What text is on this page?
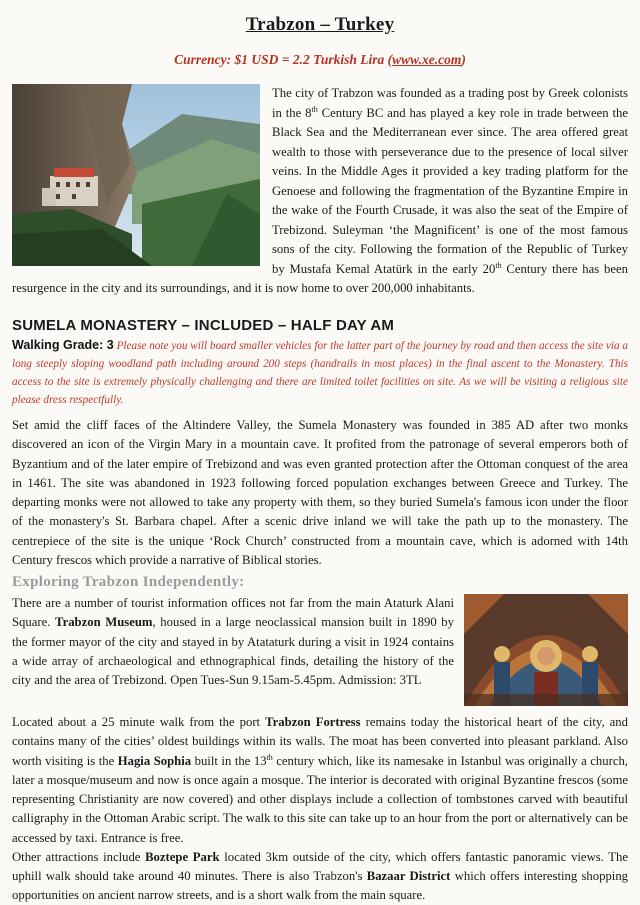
Trabzon – Turkey
Currency: $1 USD = 2.2 Turkish Lira (www.xe.com)
The city of Trabzon was founded as a trading post by Greek colonists in the 8th Century BC and has played a key role in trade between the Black Sea and the Mediterranean ever since. The area offered great wealth to those with perseverance due to the presence of local silver veins. In the Middle Ages it provided a key trading platform for the Genoese and following the fragmentation of the Byzantine Empire in the wake of the Fourth Crusade, it was also the seat of the Empire of Trebizond. Suleyman ‘the Magnificent’ is one of the most famous sons of the city. Following the formation of the Republic of Turkey by Mustafa Kemal Atatürk in the early 20th Century there has been resurgence in the city and its surroundings, and it is now home to over 200,000 inhabitants.
SUMELA MONASTERY – INCLUDED – HALF DAY AM
Walking Grade: 3 Please note you will board smaller vehicles for the latter part of the journey by road and then access the site via a long steeply sloping woodland path including around 200 steps (handrails in most places) in the final ascent to the Monastery. This access to the site is extremely physically challenging and there are limited toilet facilities on site. As we will be visiting a religious site please dress respectfully.
Set amid the cliff faces of the Altindere Valley, the Sumela Monastery was founded in 385 AD after two monks discovered an icon of the Virgin Mary in a mountain cave. It profited from the patronage of several emperors both of Byzantium and of the later empire of Trebizond and was even granted protection after the Ottoman conquest of the area in 1461. The site was abandoned in 1923 following forced population exchanges between Greece and Turkey. The departing monks were not allowed to take any property with them, so they buried Sumela's famous icon under the floor of the monastery's St. Barbara chapel. After a scenic drive inland we will take the path up to the monastery. The centrepiece of the site is the unique ‘Rock Church’ constructed from a mountain cave, which is adorned with 14th Century frescos which provide a narrative of Biblical stories.
Exploring Trabzon Independently:

There are a number of tourist information offices not far from the main Ataturk Alani Square. Trabzon Museum, housed in a large neoclassical mansion built in 1890 by the former mayor of the city and stayed in by Atataturk during a visit in 1924 contains a wide array of archaeological and ethnographical finds, detailing the history of the city and the area of Trebizond. Open Tues-Sun 9.15am-5.45pm. Admission: 3TL

Located about a 25 minute walk from the port Trabzon Fortress remains today the historical heart of the city, and contains many of the cities’ oldest buildings within its walls. The moat has been converted into pleasant parkland. Also worth visiting is the Hagia Sophia built in the 13th century which, like its namesake in Istanbul was originally a church, later a mosque/museum and now is once again a mosque. The interior is decorated with original Byzantine frescos (some representing Christianity are now covered) and other displays include a collection of tombstones carved with beautiful calligraphy in the Ottoman Arabic script. The walk to this site can take up to an hour from the port or alternatively can be accessed by taxi. Entrance is free.

Other attractions include Boztepe Park located 3km outside of the city, which offers fantastic panoramic views. The uphill walk should take around 40 minutes. There is also Trabzon's Bazaar District which offers interesting shopping opportunities on ancient narrow streets, and is a short walk from the main square.
